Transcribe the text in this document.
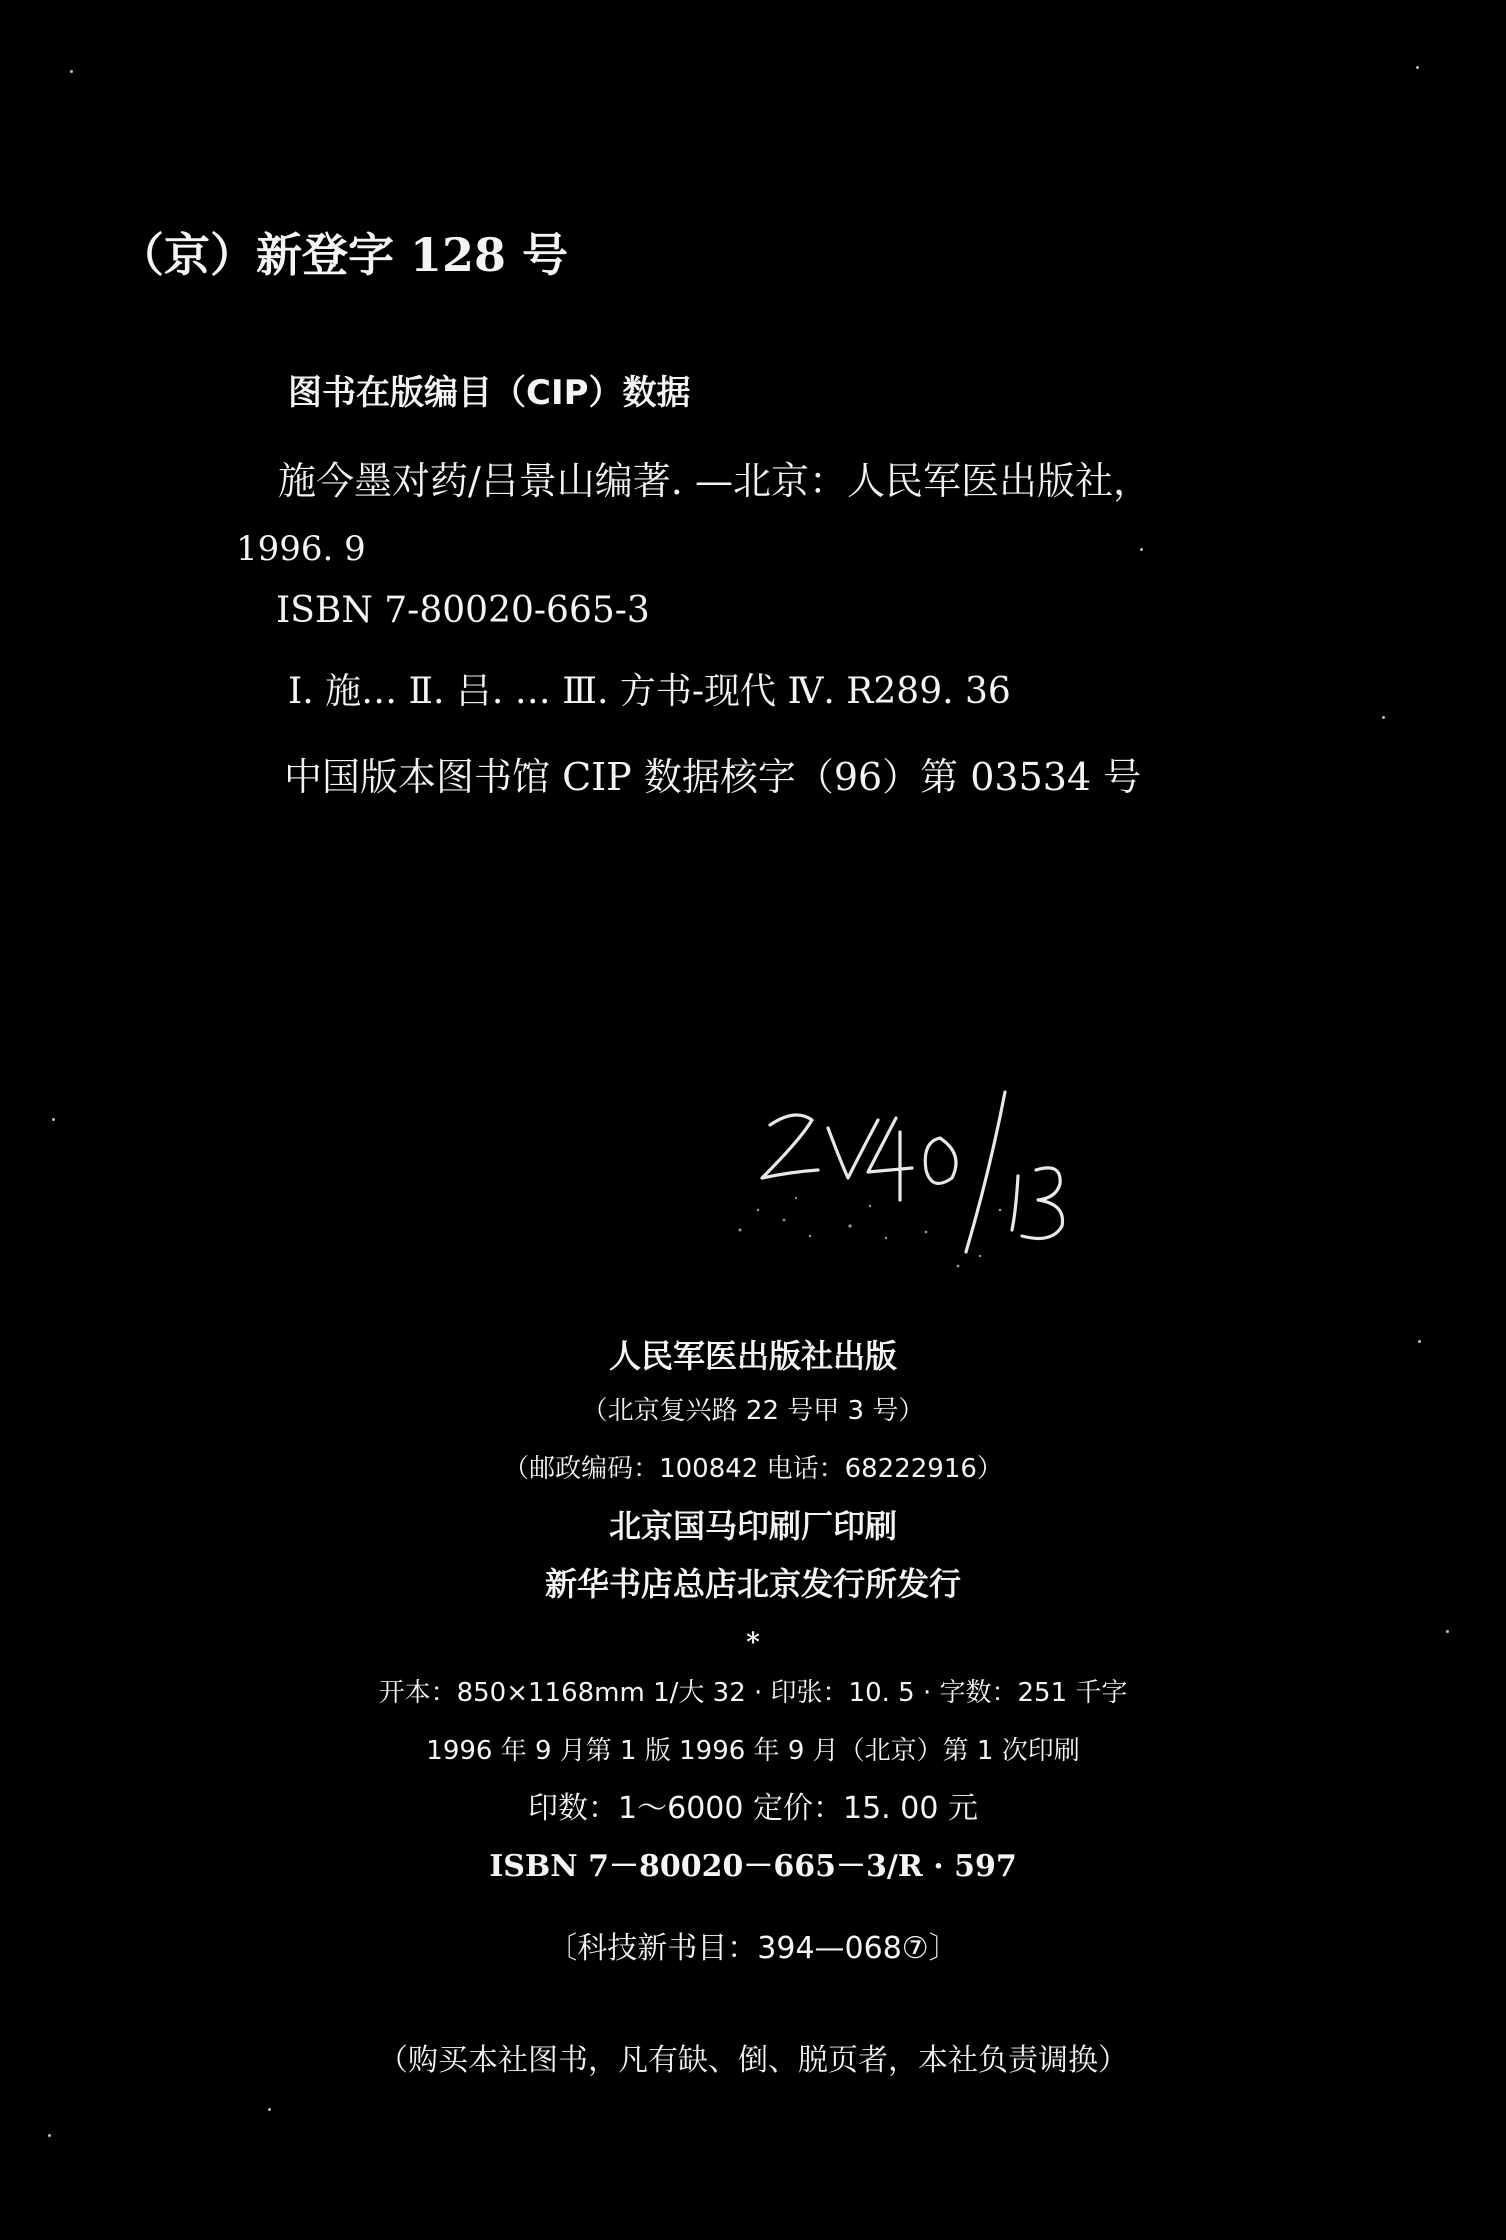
（京）新登字 128 号
图书在版编目（CIP）数据
施今墨对药/吕景山编著. —北京：人民军医出版社，
1996. 9
ISBN 7-80020-665-3
Ⅰ. 施… Ⅱ. 吕. … Ⅲ. 方书-现代 Ⅳ. R289. 36
中国版本图书馆 CIP 数据核字（96）第 03534 号
人民军医出版社出版
（北京复兴路 22 号甲 3 号）
（邮政编码：100842 电话：68222916）
北京国马印刷厂印刷
新华书店总店北京发行所发行
*
开本：850×1168mm 1/大 32 · 印张：10. 5 · 字数：251 千字
1996 年 9 月第 1 版 1996 年 9 月（北京）第 1 次印刷
印数：1～6000 定价：15. 00 元
ISBN 7－80020－665－3/R · 597
〔科技新书目：394—068⑦〕
（购买本社图书，凡有缺、倒、脱页者，本社负责调换）
